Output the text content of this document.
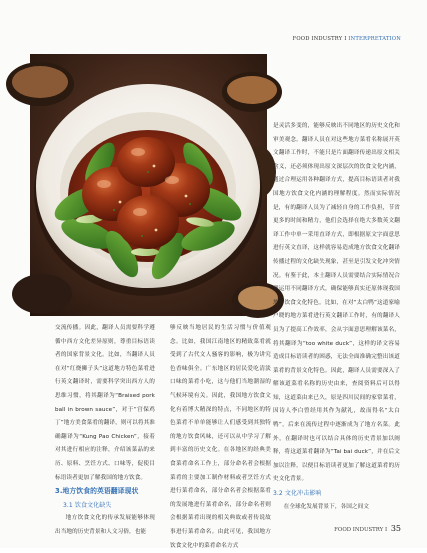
FOOD INDUSTRY I INTERPRETATION

是灵活多变的，能够反映出不同地区的历史文化和审美观念。翻译人员在对这些地方菜肴名称展开英文翻译工作时，不能只是片面翻译传递出原文相关含义，还必须体现出原文深层次的饮食文化内涵，通过合理运用各种翻译方式，提高目标语读者对我国地方饮食文化内涵的理解程度。然而实际情况是，有的翻译人员为了减轻自身的工作负担，节省更多的时间和精力，他们会选择在绝大多数英文翻译工作中单一采用直译方式，即根据原文字面意思进行英文直译，这样就容易造成地方饮食文化翻译传播过程的文化缺失现象，甚至是引发文化冲突情况。有鉴于此，本土翻译人员需要结合实际情况合理运用不同翻译方式，确保能够真实还原体现我国地方饮食文化特色。比如，在对“太白鸭”这道家喻户晓的地方菜肴进行英文翻译工作时，有的翻译人员为了提高工作效率，会从字面意思理解该菜名，将其翻译为“too white duck”，这样的译文容易造成目标语读者的困惑，无法全面准确完整出该道菜肴的背景文化特色。因此，翻译人员需要深入了解该道菜肴名称的历史由来，查阅资料后可以得知，这道菜由来已久，原是四川民间的家常菜肴，因诗人李白曾经用其作为献礼，故而得名“太白鸭”，后来在流传过程中逐渐成为了地方名菜。此外，在翻译时也可以结合具体的历史背景加以阐释，将这道菜肴翻译为“Tai bai duck”，并在后文加以注释，以便目标语读者更加了解这道菜肴的历史文化背景。

3.2 文化冲击影响

在全球化发展背景下，各国之间文

交流传播。因此，翻译人员需要科学遵循中西方文化差异原则，尊重目标语读者的国家背景文化。比如，当翻译人员在对“红烧狮子头”这道地方特色菜肴进行英文翻译时，需要科学突出西方人的思维习惯，将其翻译为“Braised pork ball in brown sauce”，对于“宫保鸡丁”地方美食菜肴的翻译，则可以将其准确翻译为“Kung Pao Chicken”，接着对其进行相应的注释，介绍该菜品的来历、原料、烹饪方式、口味等，促使目标语读者更加了解我国的地方饮食。

3.地方饮食的英语翻译现状
3.1 饮食文化缺失

地方饮食文化的传承发展能够体现出当地的历史背景和人文习俗，也能

够反映当地居民的生活习惯与价值观念。比如，我国江南地区的精致菜肴就受到了古代文人骚客的影响，极为讲究色香味俱全。广东地区的居民爱吃清淡口味的菜肴小吃，这与他们当地潮湿的气候环境有关。因此，我国地方饮食文化有着博大精深的特点，不同地区的特色菜肴不单单能够让人们感受到其独特的地方饮食风味，还可以从中学习了解到丰富的历史文化。在各地区的经典美食菜肴命名工作上，部分命名者会根据菜肴的主要加工制作材料或者烹饪方式进行菜肴命名，部分命名者会根据菜肴的发展地进行菜肴命名，部分命名者则会根据菜肴出现的相关典故或者传说故事进行菜肴命名。由此可见，我国地方饮食文化中的菜肴命名方式

FOOD INDUSTRY I 35
